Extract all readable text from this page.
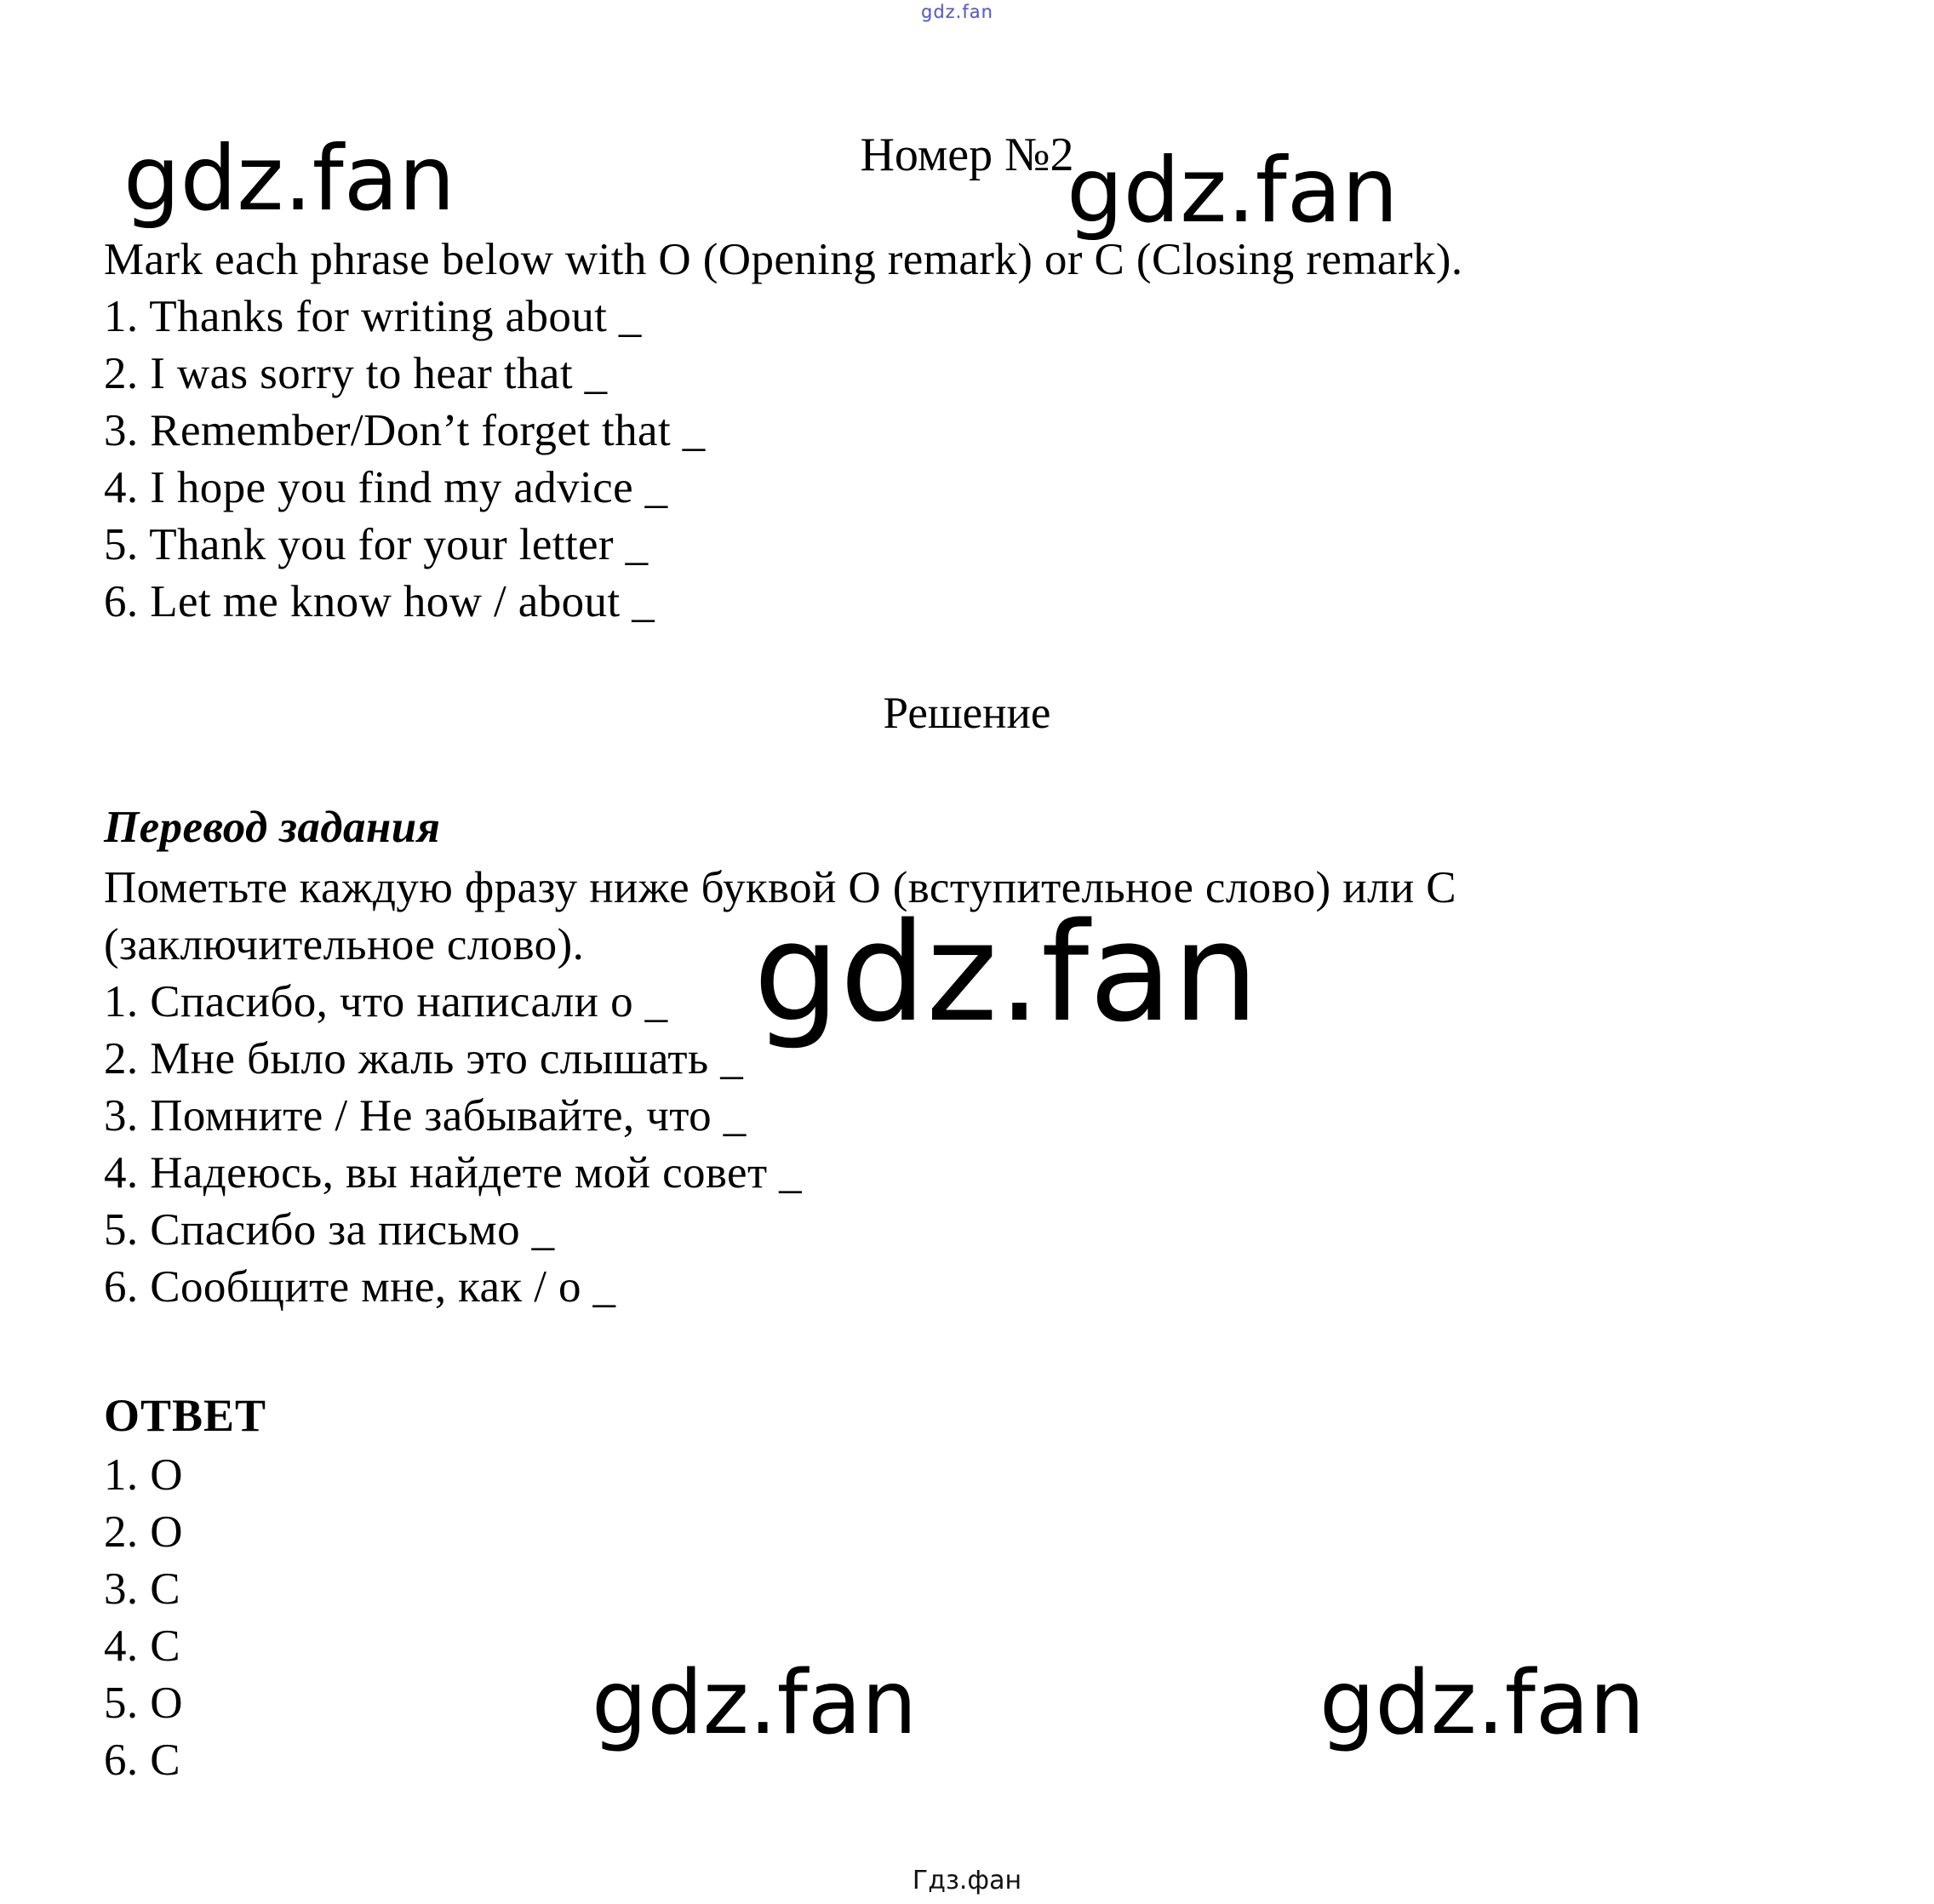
gdz.fan
Номер №2
gdz.fan	gdz.fan
Mark each phrase below with O (Opening remark) or C (Closing remark).
1. Thanks for writing about _
2. I was sorry to hear that _
3. Remember/Don’t forget that _
4. I hope you find my advice _
5. Thank you for your letter _
6. Let me know how / about _
Решение
Перевод задания
Пометьте каждую фразу ниже буквой О (вступительное слово) или С
(заключительное слово).
1. Спасибо, что написали о _
2. Мне было жаль это слышать _
3. Помните / Не забывайте, что _
4. Надеюсь, вы найдете мой совет _
5. Спасибо за письмо _
6. Сообщите мне, как / о _
gdz.fan
ОТВЕТ
1. O
2. O
3. C
4. C
5. O
6. C
gdz.fan	gdz.fan
Гдз.фан
